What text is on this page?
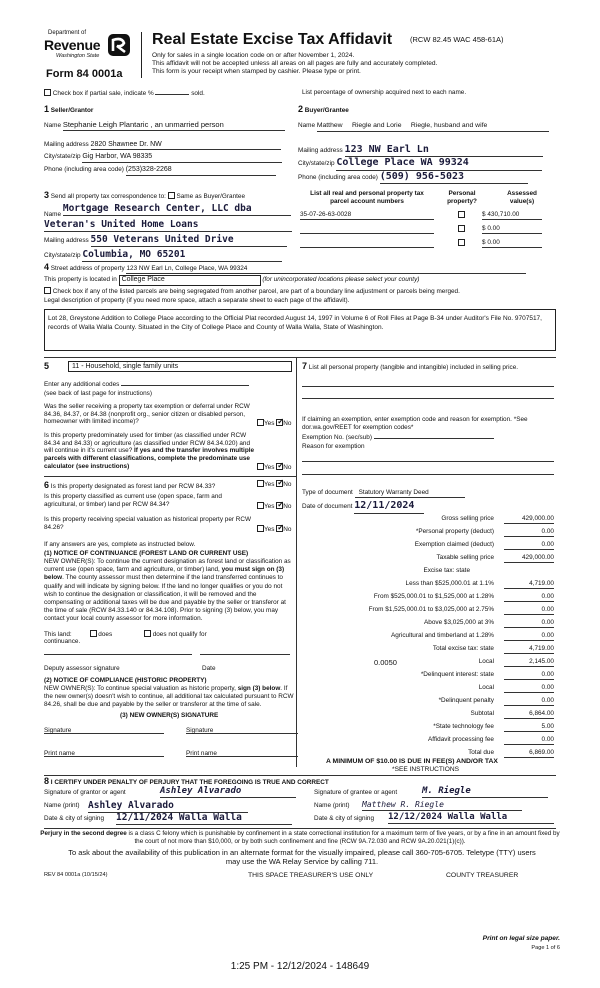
Department of
Revenue
Washington State
Form 84 0001a
Real Estate Excise Tax Affidavit (RCW 82.45 WAC 458-61A)
Only for sales in a single location code on or after November 1, 2024.
This affidavit will not be accepted unless all areas on all pages are fully and accurately completed.
This form is your receipt when stamped by cashier. Please type or print.
Check box if partial sale, indicate %	sold.	List percentage of ownership acquired next to each name.
1 Seller/Grantor
Name Stephanie Leigh Plantaric , an unmarried person
Mailing address 2820 Shawnee Dr. NW
City/state/zip Gig Harbor, WA 98335
Phone (including area code) (253)328-2268
2 Buyer/Grantee
Name Matthew     Riegle and Lorie     Riegle, husband and wife
Mailing address 123 NW Earl Ln
City/state/zip College Place WA 99324
Phone (including area code) (509) 956-5023
3 Send all property tax correspondence to: Same as Buyer/Grantee
Name Mortgage Research Center, LLC dba
Veteran's United Home Loans
Mailing address 550 Veterans United Drive
City/state/zip Columbia, MO 65201
List all real and personal property tax parcel account numbers
Personal property?
Assessed value(s)
35-07-26-63-0028	$ 430,710.00
$ 0.00
$ 0.00
4 Street address of property 123 NW Earl Ln, College Place, WA 99324
This property is located in College Place	(for unincorporated locations please select your county)
Check box if any of the listed parcels are being segregated from another parcel, are part of a boundary line adjustment or parcels being merged.
Legal description of property (if you need more space, attach a separate sheet to each page of the affidavit).
Lot 28, Greystone Addition to College Place according to the Official Plat recorded August 14, 1997 in Volume 6 of Roll Files at Page B-34 under Auditor's File No. 9707517, records of Walla Walla County. Situated in the City of College Place and County of Walla Walla, State of Washington.
5	11 - Household, single family units
Enter any additional codes
(see back of last page for instructions)
Was the seller receiving a property tax exemption or deferral under RCW 84.36, 84.37, or 84.38 (nonprofit org., senior citizen or disabled person, homeowner with limited income)?	Yes ✓ No
Is this property predominately used for timber (as classified under RCW 84.34 and 84.33) or agriculture (as classified under RCW 84.34.020) and will continue in it's current use? If yes and the transfer involves multiple parcels with different classifications, complete the predominate use calculator (see instructions)	Yes ✓ No
6 Is this property designated as forest land per RCW 84.33?	Yes ✓ No
Is this property classified as current use (open space, farm and agricultural, or timber) land per RCW 84.34?	Yes ✓ No
Is this property receiving special valuation as historical property per RCW 84.26?	Yes ✓ No
If any answers are yes, complete as instructed below.
(1) NOTICE OF CONTINUANCE (FOREST LAND OR CURRENT USE)
NEW OWNER(S): To continue the current designation as forest land or classification as current use (open space, farm and agriculture, or timber) land, you must sign on (3) below. The county assessor must then determine if the land transferred continues to qualify and will indicate by signing below. If the land no longer qualifies or you do not wish to continue the designation or classification, it will be removed and the compensating or additional taxes will be due and payable by the seller or transferor at the time of sale (RCW 84.33.140 or 84.34.108). Prior to signing (3) below, you may contact your local county assessor for more information.
This land:	does	does not qualify for
continuance.
Deputy assessor signature	Date
(2) NOTICE OF COMPLIANCE (HISTORIC PROPERTY)
NEW OWNER(S): To continue special valuation as historic property, sign (3) below. If the new owner(s) doesn't wish to continue, all additional tax calculated pursuant to RCW 84.26, shall be due and payable by the seller or transferor at the time of sale.
(3) NEW OWNER(S) SIGNATURE
Signature	Signature
Print name	Print name
7 List all personal property (tangible and intangible) included in selling price.
If claiming an exemption, enter exemption code and reason for exemption. *See dor.wa.gov/REET for exemption codes*
Exemption No. (sec/sub)
Reason for exemption
Type of document Statutory Warranty Deed
Date of document 12/11/2024
Gross selling price	429,000.00
*Personal property (deduct)	0.00
Exemption claimed (deduct)	0.00
Taxable selling price	429,000.00
Excise tax: state
Less than $525,000.01 at 1.1%	4,719.00
From $525,000.01 to $1,525,000 at 1.28%	0.00
From $1,525,000.01 to $3,025,000 at 2.75%	0.00
Above $3,025,000 at 3%	0.00
Agricultural and timberland at 1.28%	0.00
Total excise tax: state	4,719.00
0.0050	Local	2,145.00
*Delinquent interest: state	0.00
Local	0.00
*Delinquent penalty	0.00
Subtotal	6,864.00
*State technology fee	5.00
Affidavit processing fee	0.00
Total due	6,869.00
A MINIMUM OF $10.00 IS DUE IN FEE(S) AND/OR TAX
*SEE INSTRUCTIONS
8 I CERTIFY UNDER PENALTY OF PERJURY THAT THE FOREGOING IS TRUE AND CORRECT
Signature of grantor or agent	Ashley Alvarado
Name (print) Ashley Alvarado
Date & city of signing 12/11/2024 Walla Walla
Signature of grantee or agent	M. Riegle
Name (print) Matthew R. Riegle
Date & city of signing 12/12/2024 Walla Walla
Perjury in the second degree is a class C felony which is punishable by confinement in a state correctional institution for a maximum term of five years, or by a fine in an amount fixed by the court of not more than $10,000, or by both such confinement and fine (RCW 9A.72.030 and RCW 9A.20.021(1)(c)).
To ask about the availability of this publication in an alternate format for the visually impaired, please call 360-705-6705. Teletype (TTY) users may use the WA Relay Service by calling 711.
REV 84 0001a (10/15/24)	THIS SPACE TREASURER'S USE ONLY	COUNTY TREASURER
Print on legal size paper.
Page 1 of 6
1:25 PM - 12/12/2024 - 148649
